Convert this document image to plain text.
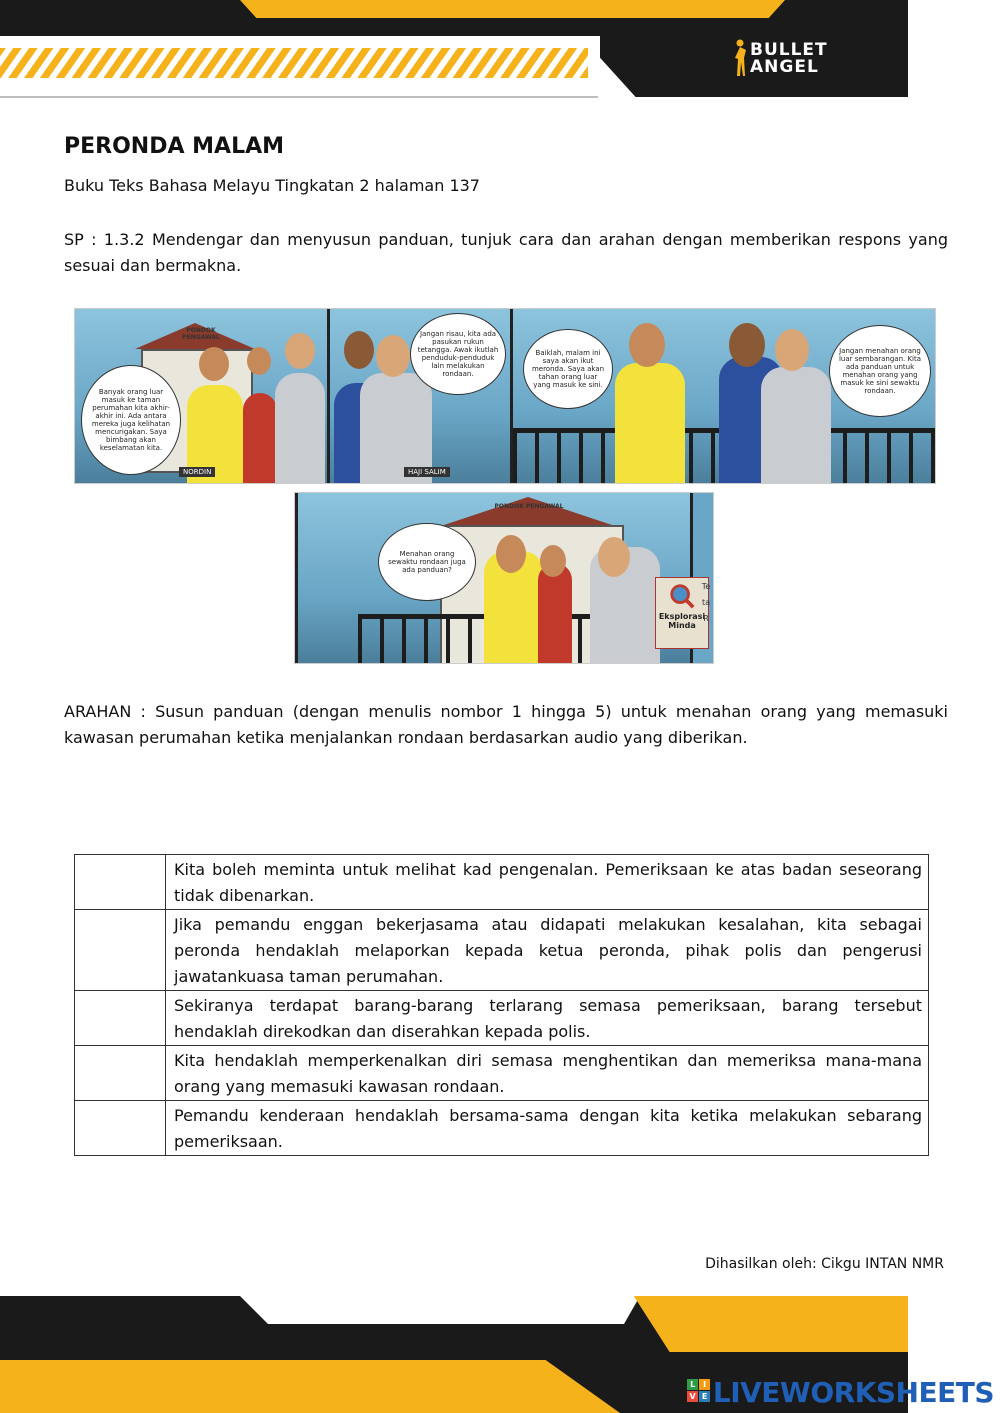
BULLET
ANGEL
PERONDA MALAM
Buku Teks Bahasa Melayu Tingkatan 2 halaman 137
SP : 1.3.2 Mendengar dan menyusun panduan, tunjuk cara dan arahan dengan memberikan respons yang sesuai dan bermakna.
PONDOK PENGAWAL
Banyak orang luar masuk ke taman perumahan kita akhir-akhir ini. Ada antara mereka juga kelihatan mencurigakan. Saya bimbang akan keselamatan kita.
NORDIN
Jangan risau, kita ada pasukan rukun tetangga. Awak ikutlah penduduk-penduduk lain melakukan rondaan.
HAJI SALIM
Baiklah, malam ini saya akan ikut meronda. Saya akan tahan orang luar yang masuk ke sini.
Jangan menahan orang luar sembarangan. Kita ada panduan untuk menahan orang yang masuk ke sini sewaktu rondaan.
PONDOK PENGAWAL
Menahan orang sewaktu rondaan juga ada panduan?
Eksplorasi Minda
Te ta R
ARAHAN : Susun panduan (dengan menulis nombor 1 hingga 5) untuk menahan orang yang memasuki kawasan perumahan ketika menjalankan rondaan berdasarkan audio yang diberikan.
	Kita boleh meminta untuk melihat kad pengenalan. Pemeriksaan ke atas badan seseorang tidak dibenarkan.
	Jika pemandu enggan bekerjasama atau didapati melakukan kesalahan, kita sebagai peronda hendaklah melaporkan kepada ketua peronda, pihak polis dan pengerusi jawatankuasa taman perumahan.
	Sekiranya terdapat barang-barang terlarang semasa pemeriksaan, barang tersebut hendaklah direkodkan dan diserahkan kepada polis.
	Kita hendaklah memperkenalkan diri semasa menghentikan dan memeriksa mana-mana orang yang memasuki kawasan rondaan.
	Pemandu kenderaan hendaklah bersama-sama dengan kita ketika melakukan sebarang pemeriksaan.
Dihasilkan oleh: Cikgu INTAN NMR
L	I
V E LIVEWORKSHEETS
